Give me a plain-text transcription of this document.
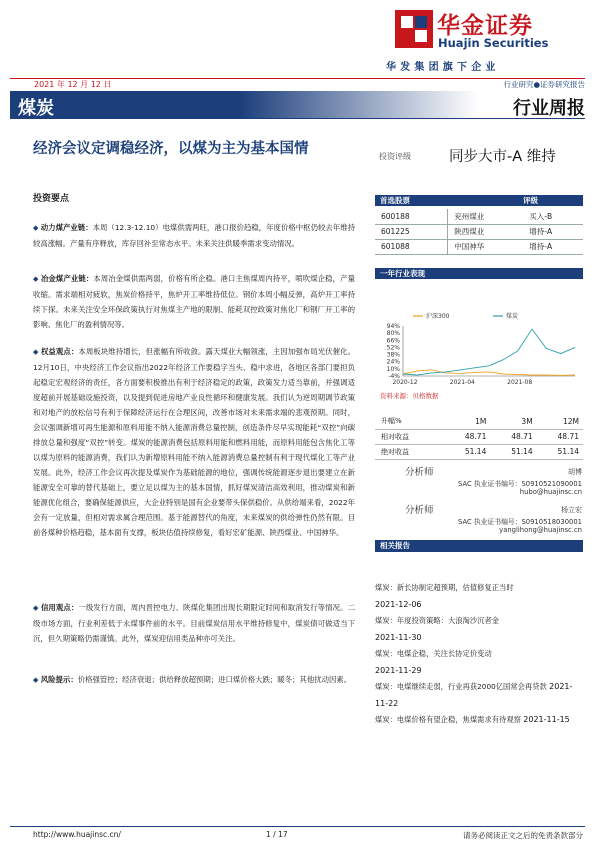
华金证券
Huajin Securities
华发集团旗下企业
2021 年 12 月 12 日	行业研究●证券研究报告
煤炭	行业周报
经济会议定调稳经济，以煤为主为基本国情	投资评级	同步大市-A 维持
投资要点
◆ 动力煤产业链：本周（12.3-12.10）电煤供需两旺，港口报价趋稳，年度价格中枢仍较去年维持较高涨幅。产量有序释放，库存回补至常态水平。未来关注供暖季需求变动情况。
◆ 冶金煤产业链：本周冶金煤供需两弱，价格有所企稳。港口主焦煤周内持平，喷吹煤企稳，产量收缩。需求端相对疲软，焦炭价格持平，焦炉开工率维持低位。钢价本周小幅反弹，高炉开工率持续下探。未来关注安全环保政策执行对焦煤主产地的限制、能耗双控政策对焦化厂和钢厂开工率的影响、焦化厂的盈利情况等。
◆ 权益观点：本周板块维持增长，但涨幅有所收敛。露天煤业大幅领涨，主因加强布局光伏催化。12月10日，中央经济工作会议指出2022年经济工作要稳字当头、稳中求进，各地区各部门要担负起稳定宏观经济的责任，各方面要积极推出有利于经济稳定的政策，政策发力适当靠前，并强调适度超前开展基础设施投资，以及提到促进房地产业良性循环和健康发展。我们认为逆周期调节政策和对地产的放松信号有利于保障经济运行在合理区间，改善市场对未来需求端的悲观预期。同时，会议强调新增可再生能源和原料用能不纳入能源消费总量控制，创造条件尽早实现能耗“双控”向碳排放总量和强度“双控”转变。煤炭的能源消费包括原料用能和燃料用能，而原料用能包含焦化工等以煤为原料的能源消费，我们认为新增原料用能不纳入能源消费总量控制有利于现代煤化工等产业发展。此外，经济工作会议再次提及煤炭作为基础能源的地位，强调传统能源逐步退出要建立在新能源安全可靠的替代基础上，要立足以煤为主的基本国情，抓好煤炭清洁高效利用，推动煤炭和新能源优化组合，要确保能源供应，大企业特别是国有企业要带头保供稳价。从供给端来看，2022年会有一定放量，但相对需求属合理范围。基于能源替代的角度，未来煤炭的供给弹性仍然有限。目前各煤种价格趋稳，基本面有支撑，板块估值持续修复，看好宏矿能源、陕西煤业、中国神华。
◆ 信用观点：一级发行方面，周内晋控电力、陕煤化集团出现长期限定时间和取消发行等情况。二级市场方面，行业利差低于永煤事件前的水平。目前煤炭信用水平维持修复中，煤炭债可做适当下沉，但久期策略仍需谨慎。此外，煤炭迎信用类品种亦可关注。
◆ 风险提示：价格强管控；经济衰退；供给释放超预期；进口煤价格大跌；暖冬；其他扰动因素。
首选股票	评级
600188	兖州煤业	买入-B
601225	陕西煤业	增持-A
601088	中国神华	增持-A
一年行业表现
94%
80%
66%
52%
38%
24%
10%
-4%
2020-12	2021-04	2021-08
沪深300	煤炭
资料来源：贝格数据
升幅%	1M	3M	12M
相对收益	48.71	48.71	48.71
绝对收益	51.14	51.14	51.14
分析师	胡博
SAC 执业证书编号：S0910521090001
hubo@huajinsc.cn
分析师	杨立宏
SAC 执业证书编号：S0910518030001
yanglihong@huajinsc.cn
相关报告
煤炭：新长协制定超预期，估值修复正当时
2021-12-06
煤炭：年度投资策略：大浪淘沙沉者金
2021-11-30
煤炭：电煤企稳，关注长协定价变动
2021-11-29
煤炭：电煤继续走弱，行业再获2000亿国常会再贷款 2021-11-22
煤炭：电煤价格有望企稳，焦煤需求有待观察 2021-11-15
http://www.huajinsc.cn/	1 / 17	请务必阅读正文之后的免责条款部分
